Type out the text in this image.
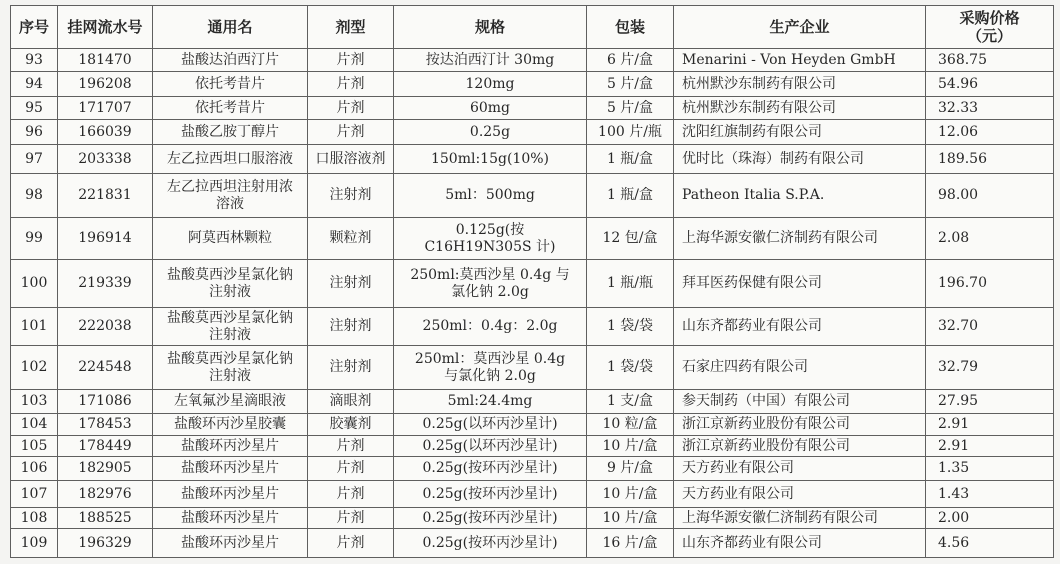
序号	挂网流水号	通用名	剂型	规格	包装	生产企业	采购价格
（元）

93	181470	盐酸达泊西汀片	片剂	按达泊西汀计 30mg	6 片/盒	Menarini - Von Heyden GmbH	368.75
94	196208	依托考昔片	片剂	120mg	5 片/盒	杭州默沙东制药有限公司	54.96
95	171707	依托考昔片	片剂	60mg	5 片/盒	杭州默沙东制药有限公司	32.33
96	166039	盐酸乙胺丁醇片	片剂	0.25g	100 片/瓶	沈阳红旗制药有限公司	12.06
97	203338	左乙拉西坦口服溶液	口服溶液剂	150ml:15g(10%)	1 瓶/盒	优时比（珠海）制药有限公司	189.56
98	221831	左乙拉西坦注射用浓溶液	注射剂	5ml：500mg	1 瓶/盒	Patheon Italia S.P.A.	98.00
99	196914	阿莫西林颗粒	颗粒剂	0.125g(按 C16H19N305S 计)	12 包/盒	上海华源安徽仁济制药有限公司	2.08
100	219339	盐酸莫西沙星氯化钠注射液	注射剂	250ml:莫西沙星 0.4g 与氯化钠 2.0g	1 瓶/瓶	拜耳医药保健有限公司	196.70
101	222038	盐酸莫西沙星氯化钠注射液	注射剂	250ml：0.4g：2.0g	1 袋/袋	山东齐都药业有限公司	32.70
102	224548	盐酸莫西沙星氯化钠注射液	注射剂	250ml：莫西沙星 0.4g 与氯化钠 2.0g	1 袋/袋	石家庄四药有限公司	32.79
103	171086	左氧氟沙星滴眼液	滴眼剂	5ml:24.4mg	1 支/盒	参天制药（中国）有限公司	27.95
104	178453	盐酸环丙沙星胶囊	胶囊剂	0.25g(以环丙沙星计)	10 粒/盒	浙江京新药业股份有限公司	2.91
105	178449	盐酸环丙沙星片	片剂	0.25g(以环丙沙星计)	10 片/盒	浙江京新药业股份有限公司	2.91
106	182905	盐酸环丙沙星片	片剂	0.25g(按环丙沙星计)	9 片/盒	天方药业有限公司	1.35
107	182976	盐酸环丙沙星片	片剂	0.25g(按环丙沙星计)	10 片/盒	天方药业有限公司	1.43
108	188525	盐酸环丙沙星片	片剂	0.25g(按环丙沙星计)	10 片/盒	上海华源安徽仁济制药有限公司	2.00
109	196329	盐酸环丙沙星片	片剂	0.25g(按环丙沙星计)	16 片/盒	山东齐都药业有限公司	4.56
